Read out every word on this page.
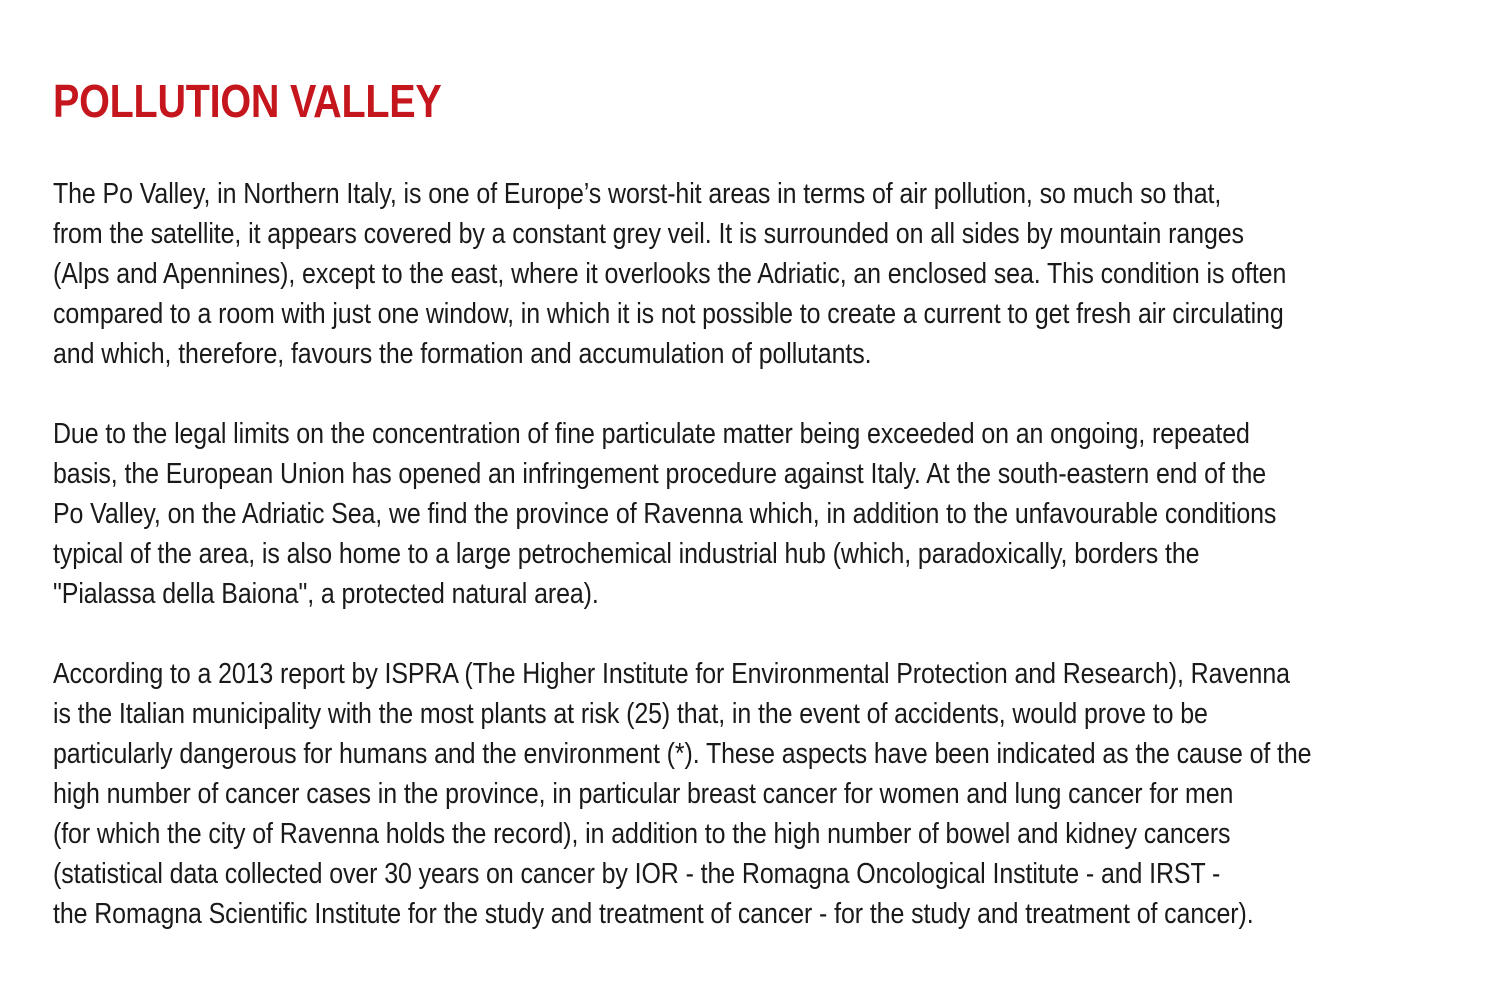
POLLUTION VALLEY
The Po Valley, in Northern Italy, is one of Europe’s worst-hit areas in terms of air pollution, so much so that,
from the satellite, it appears covered by a constant grey veil. It is surrounded on all sides by mountain ranges
(Alps and Apennines), except to the east, where it overlooks the Adriatic, an enclosed sea. This condition is often
compared to a room with just one window, in which it is not possible to create a current to get fresh air circulating
and which, therefore, favours the formation and accumulation of pollutants.
Due to the legal limits on the concentration of fine particulate matter being exceeded on an ongoing, repeated
basis, the European Union has opened an infringement procedure against Italy. At the south-eastern end of the
Po Valley, on the Adriatic Sea, we find the province of Ravenna which, in addition to the unfavourable conditions
typical of the area, is also home to a large petrochemical industrial hub (which, paradoxically, borders the
"Pialassa della Baiona", a protected natural area).
According to a 2013 report by ISPRA (The Higher Institute for Environmental Protection and Research), Ravenna
is the Italian municipality with the most plants at risk (25) that, in the event of accidents, would prove to be
particularly dangerous for humans and the environment (*). These aspects have been indicated as the cause of the
high number of cancer cases in the province, in particular breast cancer for women and lung cancer for men
(for which the city of Ravenna holds the record), in addition to the high number of bowel and kidney cancers
(statistical data collected over 30 years on cancer by IOR - the Romagna Oncological Institute - and IRST -
the Romagna Scientific Institute for the study and treatment of cancer - for the study and treatment of cancer).
